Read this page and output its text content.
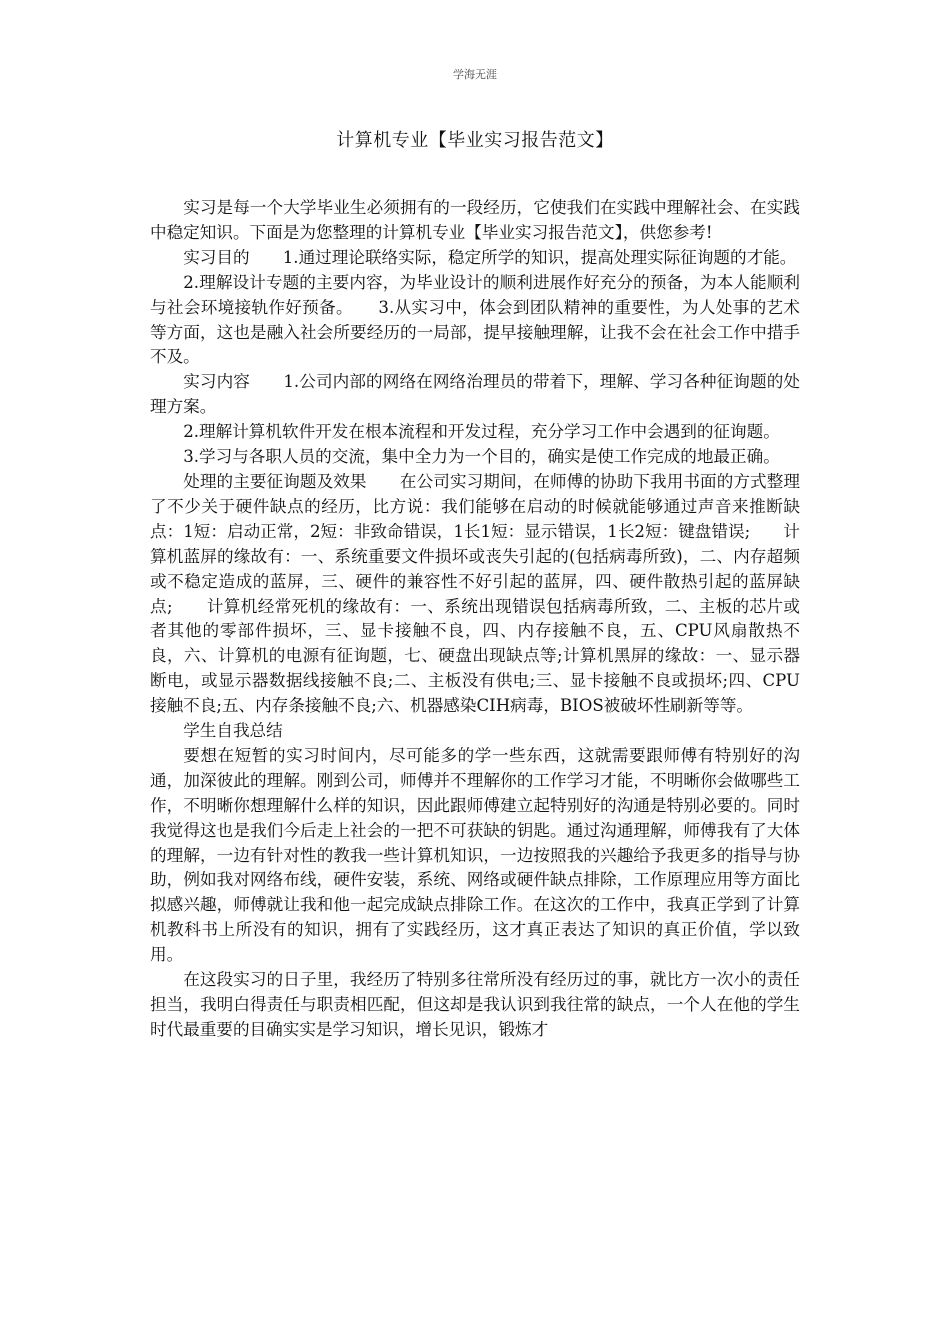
学海无涯
计算机专业【毕业实习报告范文】

实习是每一个大学毕业生必须拥有的一段经历，它使我们在实践中理解社会、在实践中稳定知识。下面是为您整理的计算机专业【毕业实习报告范文】，供您参考!

实习目的　　1.通过理论联络实际，稳定所学的知识，提高处理实际征询题的才能。

2.理解设计专题的主要内容，为毕业设计的顺利进展作好充分的预备，为本人能顺利与社会环境接轨作好预备。　　3.从实习中，体会到团队精神的重要性，为人处事的艺术等方面，这也是融入社会所要经历的一局部，提早接触理解，让我不会在社会工作中措手不及。

实习内容　　1.公司内部的网络在网络治理员的带着下，理解、学习各种征询题的处理方案。

2.理解计算机软件开发在根本流程和开发过程，充分学习工作中会遇到的征询题。

3.学习与各职人员的交流，集中全力为一个目的，确实是使工作完成的地最正确。

处理的主要征询题及效果　　在公司实习期间，在师傅的协助下我用书面的方式整理了不少关于硬件缺点的经历，比方说：我们能够在启动的时候就能够通过声音来推断缺点：1短：启动正常，2短：非致命错误，1长1短：显示错误，1长2短：键盘错误;　　计算机蓝屏的缘故有：一、系统重要文件损坏或丧失引起的(包括病毒所致)，二、内存超频或不稳定造成的蓝屏，三、硬件的兼容性不好引起的蓝屏，四、硬件散热引起的蓝屏缺点;　　计算机经常死机的缘故有：一、系统出现错误包括病毒所致，二、主板的芯片或者其他的零部件损坏，三、显卡接触不良，四、内存接触不良，五、CPU风扇散热不良，六、计算机的电源有征询题，七、硬盘出现缺点等;计算机黑屏的缘故：一、显示器断电，或显示器数据线接触不良;二、主板没有供电;三、显卡接触不良或损坏;四、CPU接触不良;五、内存条接触不良;六、机器感染CIH病毒，BIOS被破坏性刷新等等。

学生自我总结

要想在短暂的实习时间内，尽可能多的学一些东西，这就需要跟师傅有特别好的沟通，加深彼此的理解。刚到公司，师傅并不理解你的工作学习才能，不明晰你会做哪些工作，不明晰你想理解什么样的知识，因此跟师傅建立起特别好的沟通是特别必要的。同时我觉得这也是我们今后走上社会的一把不可获缺的钥匙。通过沟通理解，师傅我有了大体的理解，一边有针对性的教我一些计算机知识，一边按照我的兴趣给予我更多的指导与协助，例如我对网络布线，硬件安装，系统、网络或硬件缺点排除，工作原理应用等方面比拟感兴趣，师傅就让我和他一起完成缺点排除工作。在这次的工作中，我真正学到了计算机教科书上所没有的知识，拥有了实践经历，这才真正表达了知识的真正价值，学以致用。

在这段实习的日子里，我经历了特别多往常所没有经历过的事，就比方一次小的责任担当，我明白得责任与职责相匹配，但这却是我认识到我往常的缺点，一个人在他的学生时代最重要的目确实实是学习知识，增长见识，锻炼才
